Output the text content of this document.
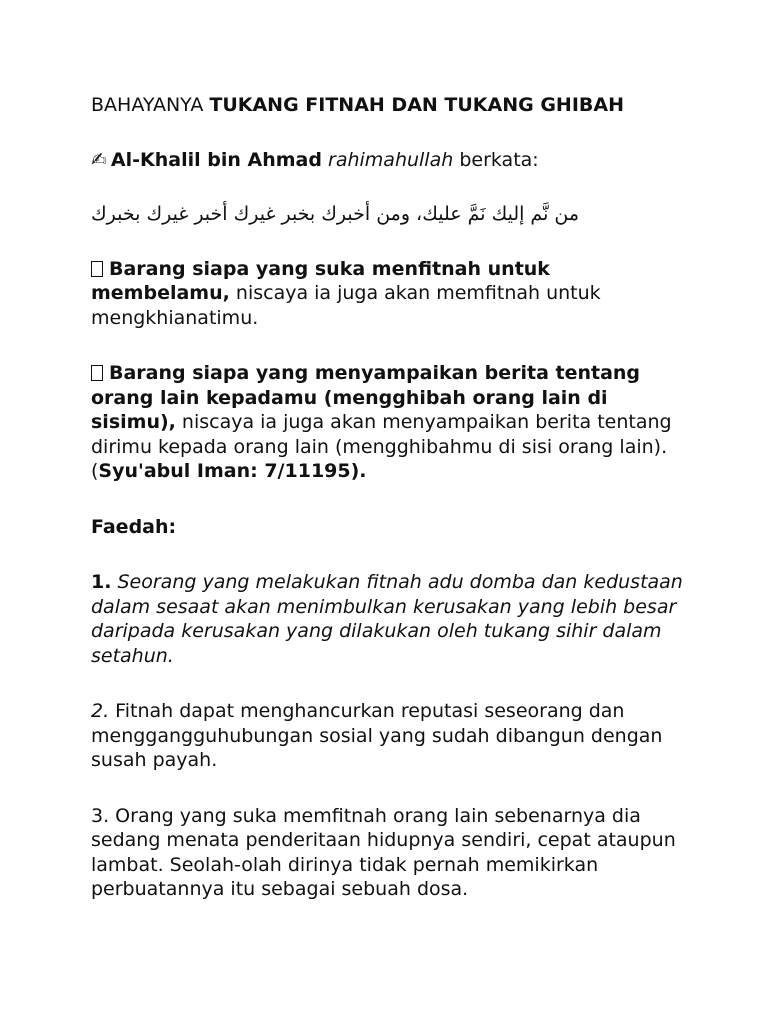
BAHAYANYA TUKANG FITNAH DAN TUKANG GHIBAH

✍ Al-Khalil bin Ahmad rahimahullah berkata:

من نَّم إليك نَمَّ عليك، ومن أخبرك بخبر غيرك أخبر غيرك بخبرك

Barang siapa yang suka menfitnah untuk membelamu, niscaya ia juga akan memfitnah untuk mengkhianatimu.

Barang siapa yang menyampaikan berita tentang orang lain kepadamu (mengghibah orang lain di sisimu), niscaya ia juga akan menyampaikan berita tentang dirimu kepada orang lain (mengghibahmu di sisi orang lain). (Syu'abul Iman: 7/11195).

Faedah:

1. Seorang yang melakukan fitnah adu domba dan kedustaan dalam sesaat akan menimbulkan kerusakan yang lebih besar daripada kerusakan yang dilakukan oleh tukang sihir dalam setahun.

2. Fitnah dapat menghancurkan reputasi seseorang dan menggangguhubungan sosial yang sudah dibangun dengan susah payah.

3. Orang yang suka memfitnah orang lain sebenarnya dia sedang menata penderitaan hidupnya sendiri, cepat ataupun lambat. Seolah-olah dirinya tidak pernah memikirkan perbuatannya itu sebagai sebuah dosa.
